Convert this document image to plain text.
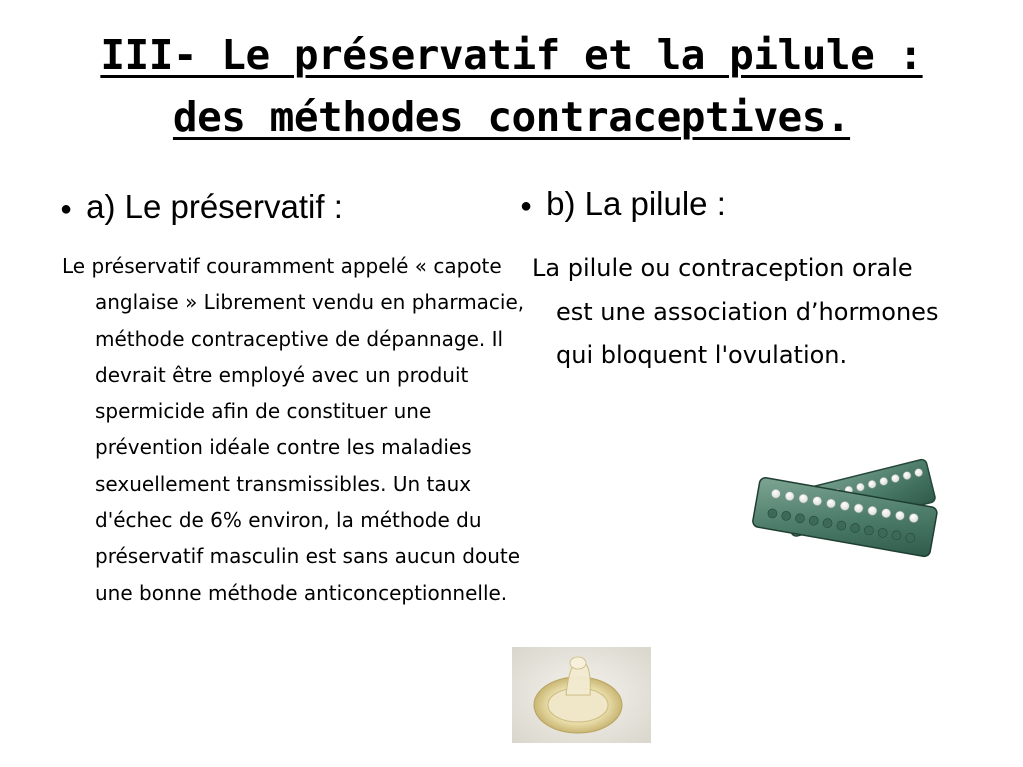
III- Le préservatif et la pilule :
des méthodes contraceptives.
● a) Le préservatif :

Le préservatif couramment appelé « capote anglaise » Librement vendu en pharmacie, méthode contraceptive de dépannage. Il devrait être employé avec un produit spermicide afin de constituer une prévention idéale contre les maladies sexuellement transmissibles. Un taux d'échec de 6% environ, la méthode du préservatif masculin est sans aucun doute une bonne méthode anticonceptionnelle.

● b) La pilule :

La pilule ou contraception orale est une association d’hormones qui bloquent l'ovulation.
